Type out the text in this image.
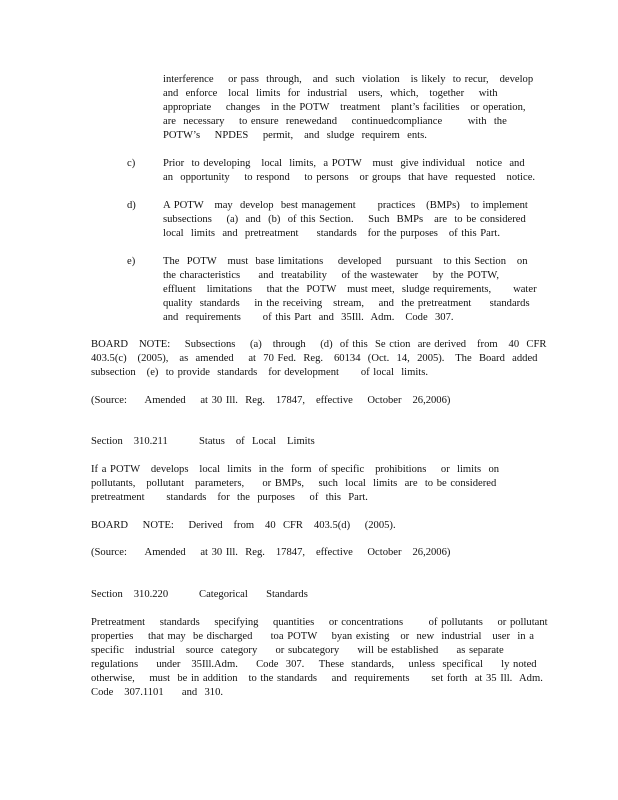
interference    or pass  through,   and  such  violation   is likely  to recur,   develop
and  enforce   local  limits  for  industrial   users,  which,   together    with
appropriate    changes   in the POTW   treatment   plant’s facilities   or operation,
are  necessary    to ensure  renewedand    continuedcompliance       with  the
POTW’s    NPDES    permit,   and  sludge  requirem  ents.
c)	Prior  to developing   local  limits,  a POTW   must  give individual   notice  and
an  opportunity    to respond    to persons   or groups  that have  requested   notice.
d)	A POTW   may  develop  best management      practices   (BMPs)   to implement
subsections    (a)  and  (b)  of this Section.    Such  BMPs   are  to be considered
local  limits  and  pretreatment     standards   for the purposes   of this Part.
e)	The  POTW   must  base limitations    developed    pursuant   to this Section   on
the characteristics     and  treatability    of the wastewater    by  the POTW,
effluent   limitations    that the  POTW   must meet,  sludge requirements,      water
quality  standards    in the receiving   stream,    and  the pretreatment     standards
and  requirements      of this Part  and  35Ill.  Adm.   Code  307.
BOARD   NOTE:    Subsections    (a)   through    (d)  of this  Se ction  are derived   from   40  CFR
403.5(c)   (2005),   as  amended    at  70 Fed.  Reg.   60134  (Oct.  14,  2005).   The  Board  added
subsection   (e)  to provide  standards   for development      of local  limits.
(Source:     Amended    at 30 Ill.  Reg.   17847,   effective    October   26,2006)
Section   310.211	Status   of  Local   Limits
If a POTW   develops   local  limits  in the  form  of specific   prohibitions    or  limits  on
pollutants,   pollutant   parameters,     or BMPs,    such  local  limits  are  to be considered
pretreatment      standards   for  the  purposes    of  this  Part.
BOARD    NOTE:    Derived   from   40  CFR   403.5(d)    (2005).
(Source:     Amended    at 30 Ill.  Reg.   17847,   effective    October   26,2006)
Section   310.220	Categorical     Standards
Pretreatment    standards    specifying    quantities    or concentrations       of pollutants    or pollutant
properties    that may  be discharged     toa POTW    byan existing   or  new  industrial   user  in a
specific   industrial   source  category     or subcategory     will be established     as separate
regulations     under   35Ill.Adm.     Code  307.    These  standards,    unless  specifical     ly noted
otherwise,    must  be in addition   to the standards    and  requirements      set forth  at 35 Ill.  Adm.
Code   307.1101     and  310.
